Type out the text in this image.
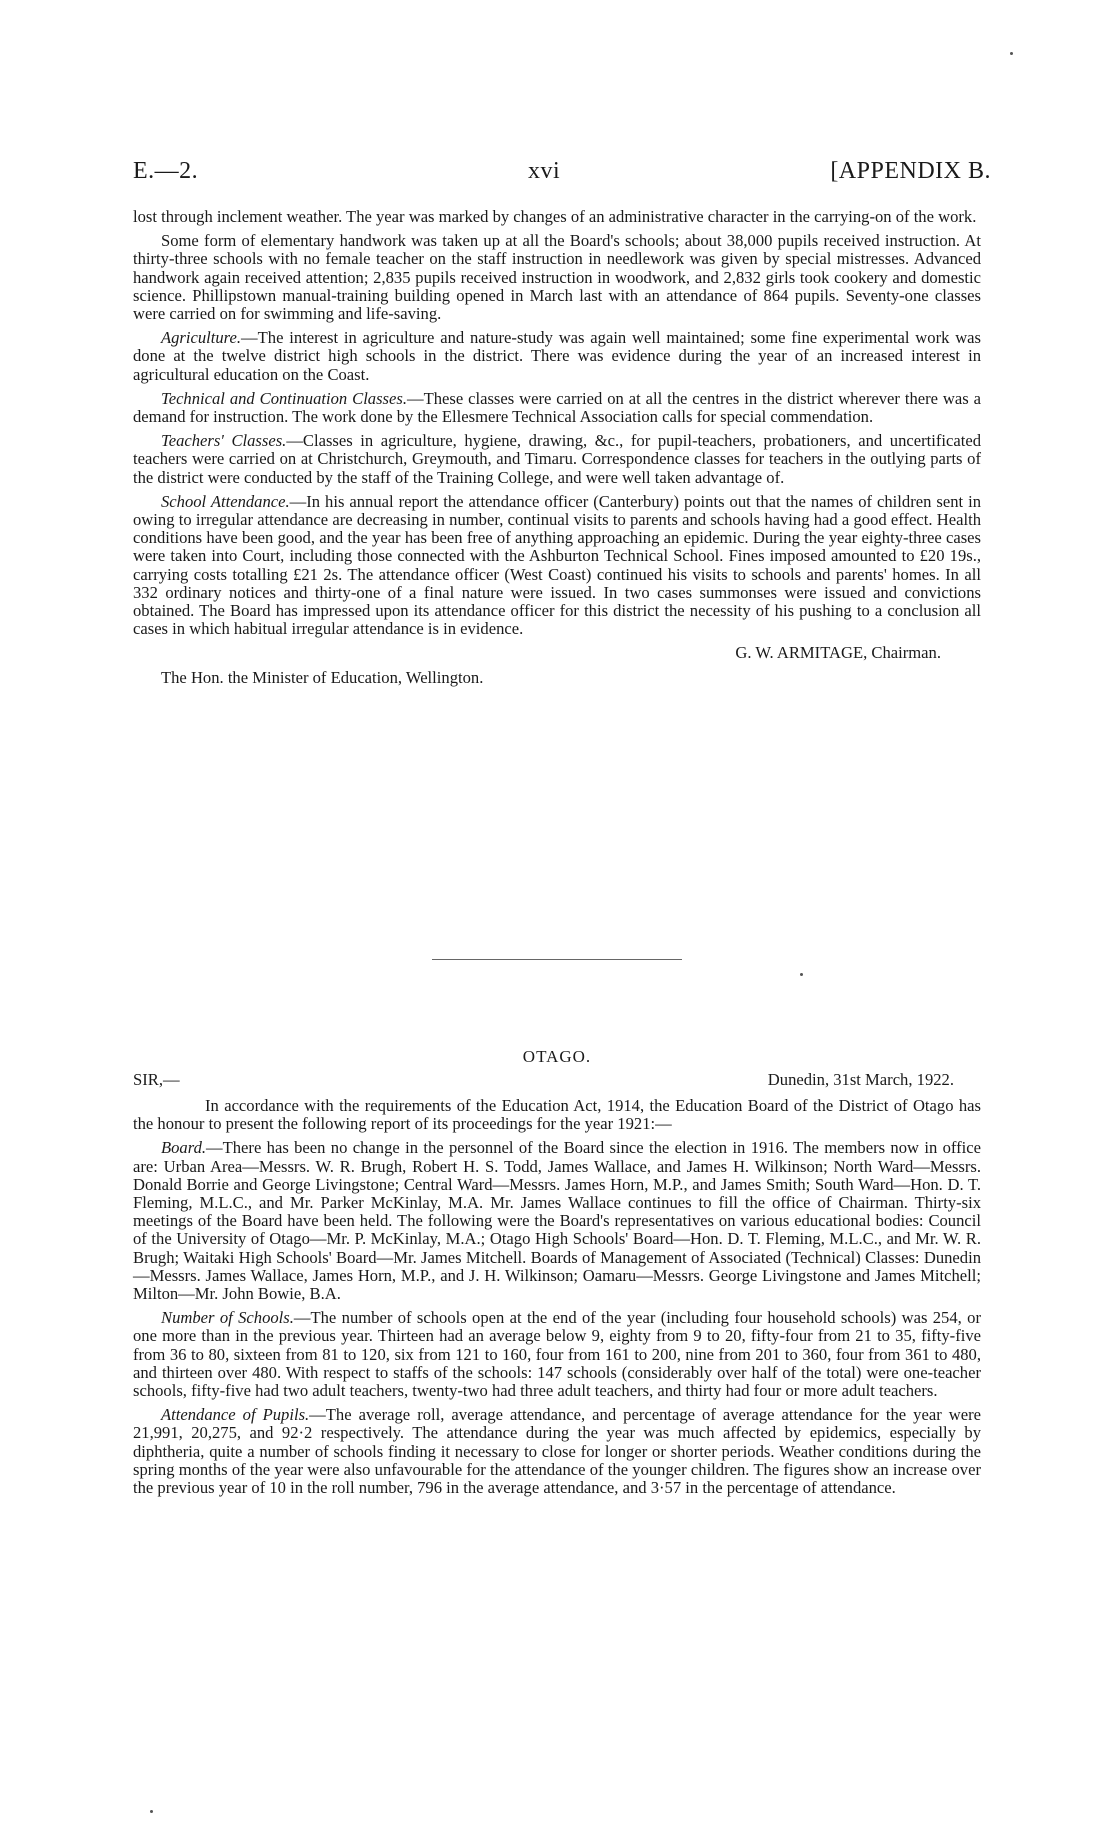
E.—2.	xvi	[APPENDIX B.

lost through inclement weather. The year was marked by changes of an administrative character in the carrying-on of the work.

Some form of elementary handwork was taken up at all the Board's schools; about 38,000 pupils received instruction. At thirty-three schools with no female teacher on the staff instruction in needlework was given by special mistresses. Advanced handwork again received attention; 2,835 pupils received instruction in woodwork, and 2,832 girls took cookery and domestic science. Phillipstown manual-training building opened in March last with an attendance of 864 pupils. Seventy-one classes were carried on for swimming and life-saving.

Agriculture.—The interest in agriculture and nature-study was again well maintained; some fine experimental work was done at the twelve district high schools in the district. There was evidence during the year of an increased interest in agricultural education on the Coast.

Technical and Continuation Classes.—These classes were carried on at all the centres in the district wherever there was a demand for instruction. The work done by the Ellesmere Technical Association calls for special commendation.

Teachers' Classes.—Classes in agriculture, hygiene, drawing, &c., for pupil-teachers, probationers, and uncertificated teachers were carried on at Christchurch, Greymouth, and Timaru. Correspondence classes for teachers in the outlying parts of the district were conducted by the staff of the Training College, and were well taken advantage of.

School Attendance.—In his annual report the attendance officer (Canterbury) points out that the names of children sent in owing to irregular attendance are decreasing in number, continual visits to parents and schools having had a good effect. Health conditions have been good, and the year has been free of anything approaching an epidemic. During the year eighty-three cases were taken into Court, including those connected with the Ashburton Technical School. Fines imposed amounted to £20 19s., carrying costs totalling £21 2s. The attendance officer (West Coast) continued his visits to schools and parents' homes. In all 332 ordinary notices and thirty-one of a final nature were issued. In two cases summonses were issued and convictions obtained. The Board has impressed upon its attendance officer for this district the necessity of his pushing to a conclusion all cases in which habitual irregular attendance is in evidence.

G. W. ARMITAGE, Chairman.

The Hon. the Minister of Education, Wellington.

OTAGO.
SIR,—	Dunedin, 31st March, 1922.

In accordance with the requirements of the Education Act, 1914, the Education Board of the District of Otago has the honour to present the following report of its proceedings for the year 1921:—

Board.—There has been no change in the personnel of the Board since the election in 1916. The members now in office are: Urban Area—Messrs. W. R. Brugh, Robert H. S. Todd, James Wallace, and James H. Wilkinson; North Ward—Messrs. Donald Borrie and George Livingstone; Central Ward—Messrs. James Horn, M.P., and James Smith; South Ward—Hon. D. T. Fleming, M.L.C., and Mr. Parker McKinlay, M.A. Mr. James Wallace continues to fill the office of Chairman. Thirty-six meetings of the Board have been held. The following were the Board's representatives on various educational bodies: Council of the University of Otago—Mr. P. McKinlay, M.A.; Otago High Schools' Board—Hon. D. T. Fleming, M.L.C., and Mr. W. R. Brugh; Waitaki High Schools' Board—Mr. James Mitchell. Boards of Management of Associated (Technical) Classes: Dunedin—Messrs. James Wallace, James Horn, M.P., and J. H. Wilkinson; Oamaru—Messrs. George Livingstone and James Mitchell; Milton—Mr. John Bowie, B.A.

Number of Schools.—The number of schools open at the end of the year (including four household schools) was 254, or one more than in the previous year. Thirteen had an average below 9, eighty from 9 to 20, fifty-four from 21 to 35, fifty-five from 36 to 80, sixteen from 81 to 120, six from 121 to 160, four from 161 to 200, nine from 201 to 360, four from 361 to 480, and thirteen over 480. With respect to staffs of the schools: 147 schools (considerably over half of the total) were one-teacher schools, fifty-five had two adult teachers, twenty-two had three adult teachers, and thirty had four or more adult teachers.

Attendance of Pupils.—The average roll, average attendance, and percentage of average attendance for the year were 21,991, 20,275, and 92·2 respectively. The attendance during the year was much affected by epidemics, especially by diphtheria, quite a number of schools finding it necessary to close for longer or shorter periods. Weather conditions during the spring months of the year were also unfavourable for the attendance of the younger children. The figures show an increase over the previous year of 10 in the roll number, 796 in the average attendance, and 3·57 in the percentage of attendance.
